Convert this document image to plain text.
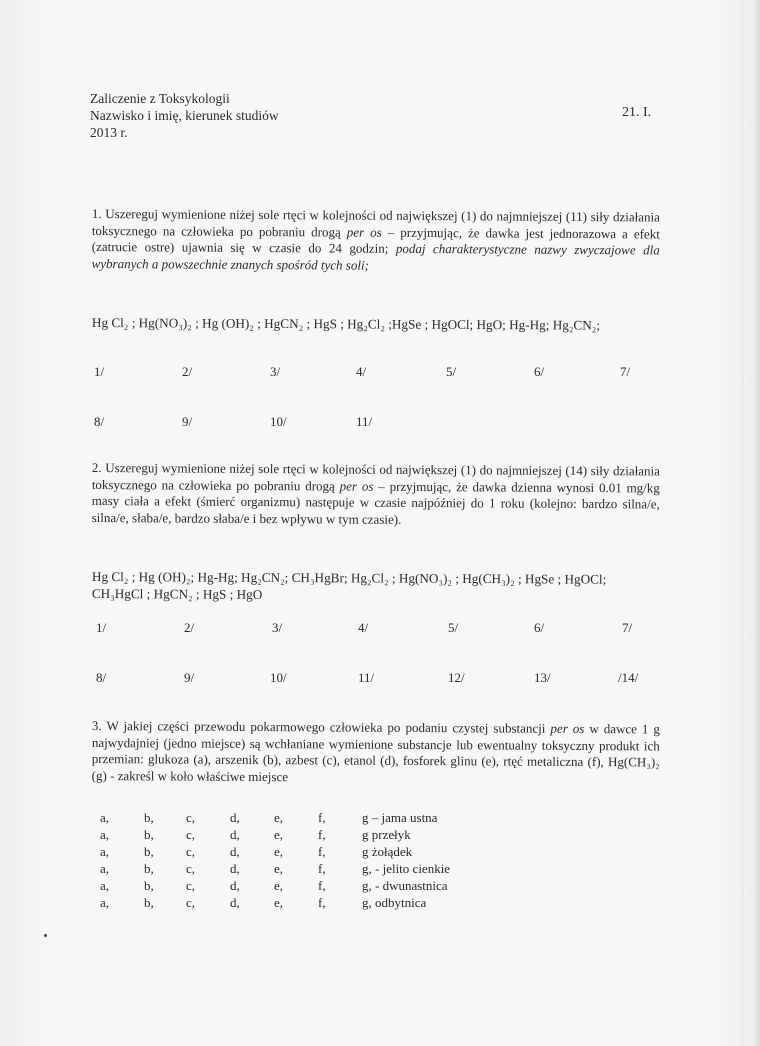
Zaliczenie z Toksykologii
Nazwisko i imię, kierunek studiów
2013 r.
21. I.
1. Uszereguj wymienione niżej sole rtęci w kolejności od największej (1) do najmniejszej (11) siły działania toksycznego na człowieka po pobraniu drogą per os – przyjmując, że dawka jest jednorazowa a efekt (zatrucie ostre) ujawnia się w czasie do 24 godzin; podaj charakterystyczne nazwy zwyczajowe dla wybranych a powszechnie znanych spośród tych soli;
Hg Cl₂ ; Hg(NO₃)₂ ; Hg (OH)₂ ; HgCN₂ ; HgS ; Hg₂Cl₂ ;HgSe ; HgOCl; HgO; Hg-Hg; Hg₂CN₂;
1/	2/	3/	4/	5/	6/	7/
8/	9/	10/	11/
2. Uszereguj wymienione niżej sole rtęci w kolejności od największej (1) do najmniejszej (14) siły działania toksycznego na człowieka po pobraniu drogą per os – przyjmując, że dawka dzienna wynosi 0.01 mg/kg masy ciała a efekt (śmierć organizmu) następuje w czasie najpóźniej do 1 roku (kolejno: bardzo silna/e, silna/e, słaba/e, bardzo słaba/e i bez wpływu w tym czasie).
Hg Cl₂ ; Hg (OH)₂; Hg-Hg; Hg₂CN₂; CH₃HgBr; Hg₂Cl₂ ; Hg(NO₃)₂ ; Hg(CH₃)₂ ; HgSe ; HgOCl; CH₃HgCl ; HgCN₂ ; HgS ; HgO
1/	2/	3/	4/	5/	6/	7/
8/	9/	10/	11/	12/	13/	/14/
3. W jakiej części przewodu pokarmowego człowieka po podaniu czystej substancji per os w dawce 1 g najwydajniej (jedno miejsce) są wchłaniane wymienione substancje lub ewentualny toksyczny produkt ich przemian: glukoza (a), arszenik (b), azbest (c), etanol (d), fosforek glinu (e), rtęć metaliczna (f), Hg(CH₃)₂ (g) - zakreśl w koło właściwe miejsce
a,	b, c,	d,	e,	f,	g – jama ustna
a,	b, c,	d,	e,	f,	g przełyk
a,	b, c,	d,	e,	f,	g żołądek
a,	b, c,	d,	e,	f,	g, - jelito cienkie
a,	b, c,	d,	e,	f,	g, - dwunastnica
a,	b, c,	d,	e,	f,	g, odbytnica
